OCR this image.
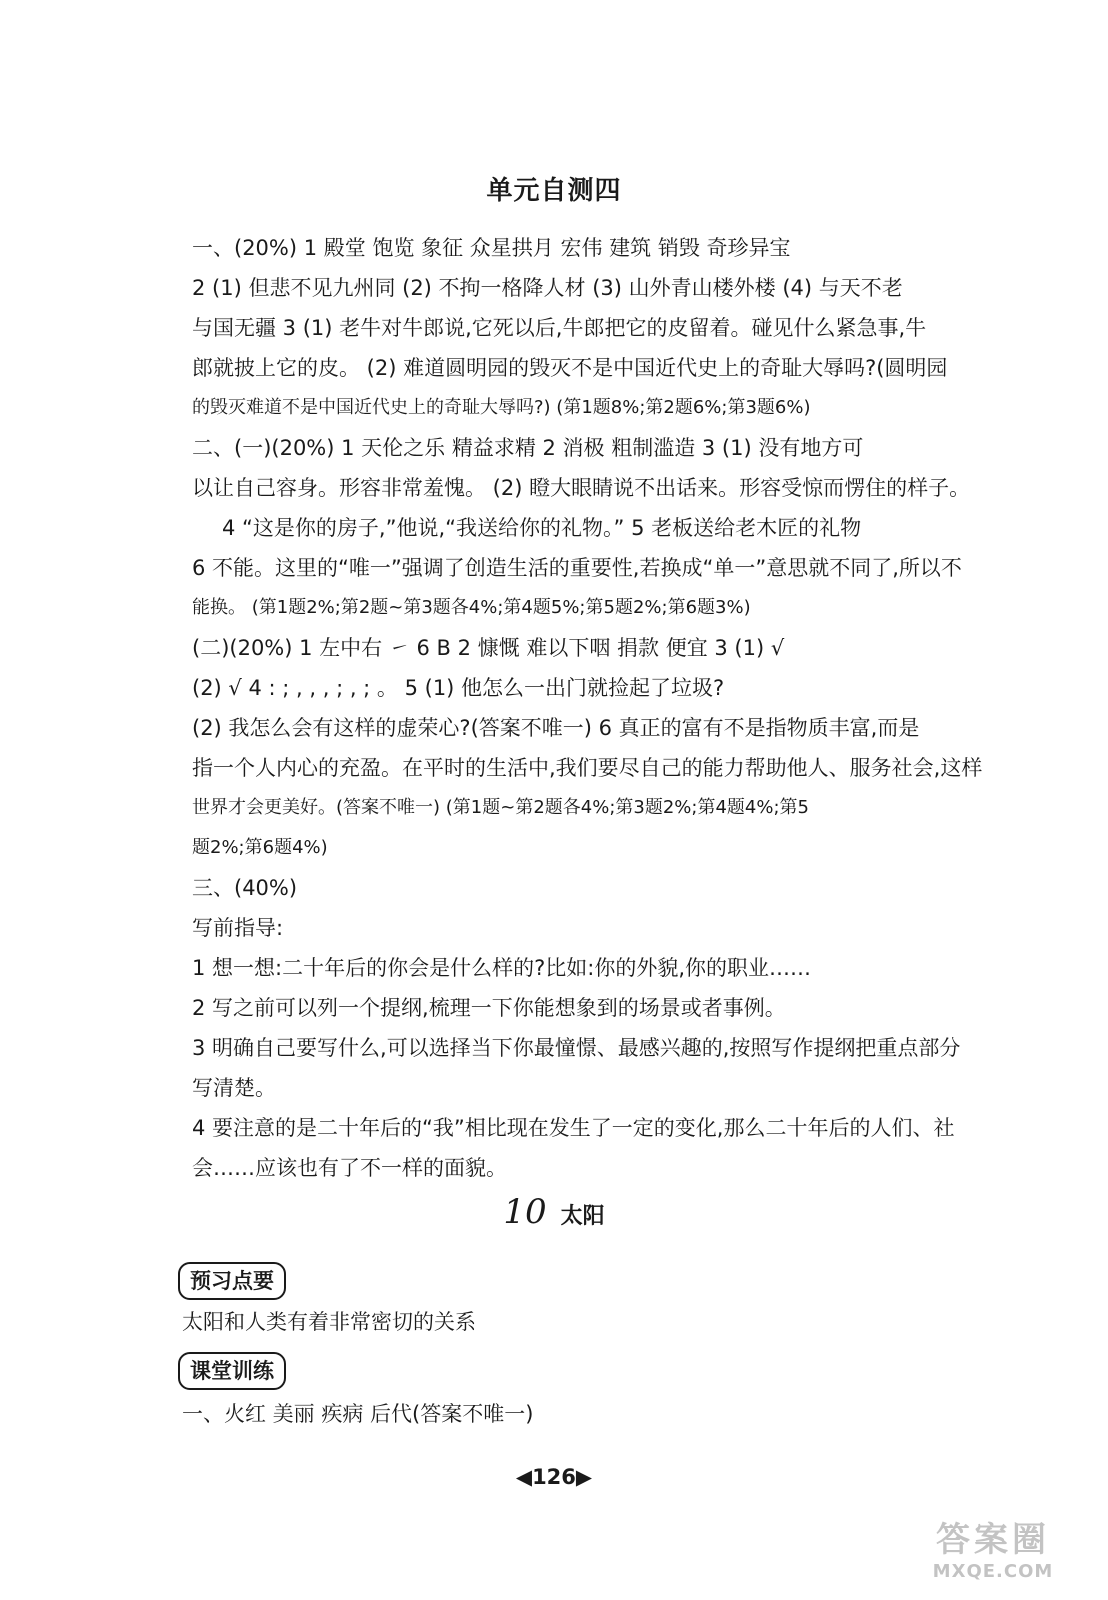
单元自测四
一、(20%) 1 殿堂 饱览 象征 众星拱月 宏伟 建筑 销毁 奇珍异宝
2 (1) 但悲不见九州同 (2) 不拘一格降人材 (3) 山外青山楼外楼 (4) 与天不老
与国无疆 3 (1) 老牛对牛郎说,它死以后,牛郎把它的皮留着。碰见什么紧急事,牛
郎就披上它的皮。 (2) 难道圆明园的毁灭不是中国近代史上的奇耻大辱吗?(圆明园
的毁灭难道不是中国近代史上的奇耻大辱吗?) (第1题8%;第2题6%;第3题6%)
二、(一)(20%) 1 天伦之乐 精益求精 2 消极 粗制滥造 3 (1) 没有地方可
以让自己容身。形容非常羞愧。 (2) 瞪大眼睛说不出话来。形容受惊而愣住的样子。
4 “这是你的房子,”他说,“我送给你的礼物。” 5 老板送给老木匠的礼物
6 不能。这里的“唯一”强调了创造生活的重要性,若换成“单一”意思就不同了,所以不
能换。 (第1题2%;第2题~第3题各4%;第4题5%;第5题2%;第6题3%)
(二)(20%) 1 左中右 ㇀ 6 B 2 慷慨 难以下咽 捐款 便宜 3 (1) √
(2) √ 4 : ; , , , ; , ; 。 5 (1) 他怎么一出门就捡起了垃圾?
(2) 我怎么会有这样的虚荣心?(答案不唯一) 6 真正的富有不是指物质丰富,而是
指一个人内心的充盈。在平时的生活中,我们要尽自己的能力帮助他人、服务社会,这样
世界才会更美好。(答案不唯一) (第1题~第2题各4%;第3题2%;第4题4%;第5
题2%;第6题4%)
三、(40%)
写前指导:
1 想一想:二十年后的你会是什么样的?比如:你的外貌,你的职业……
2 写之前可以列一个提纲,梳理一下你能想象到的场景或者事例。
3 明确自己要写什么,可以选择当下你最憧憬、最感兴趣的,按照写作提纲把重点部分
写清楚。
4 要注意的是二十年后的“我”相比现在发生了一定的变化,那么二十年后的人们、社
会……应该也有了不一样的面貌。
10 太阳
预习点要
太阳和人类有着非常密切的关系
课堂训练
一、火红 美丽 疾病 后代(答案不唯一)
◀126▶
答案圈
MXQE.COM
